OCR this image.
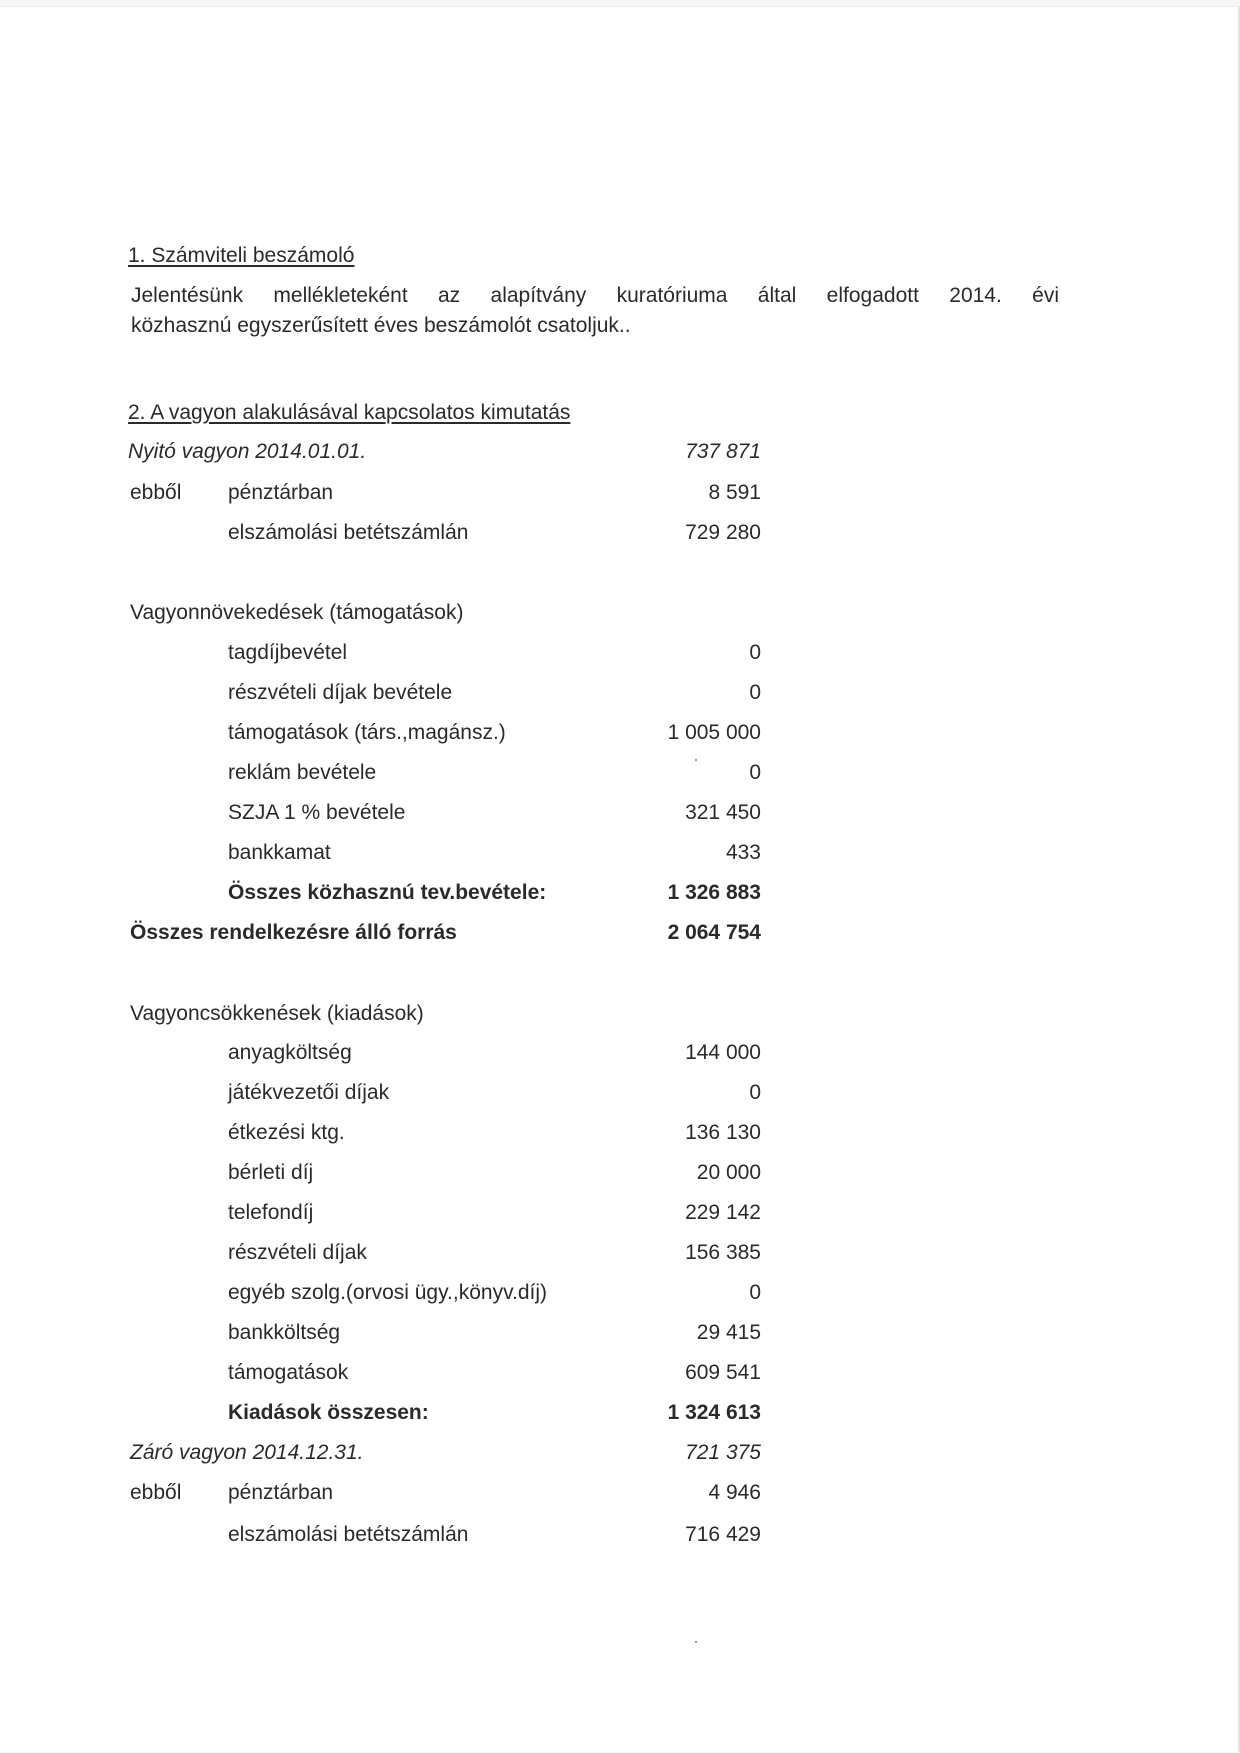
1. Számviteli beszámoló
Jelentésünk mellékleteként az alapítvány kuratóriuma által elfogadott 2014. évi
közhasznú egyszerűsített éves beszámolót csatoljuk..
2. A vagyon alakulásával kapcsolatos kimutatás
Nyitó vagyon 2014.01.01.	737 871
ebből pénztárban	8 591
elszámolási betétszámlán	729 280
Vagyonnövekedések (támogatások)
tagdíjbevétel	0
részvételi díjak bevétele	0
támogatások (társ.,magánsz.)	1 005 000
reklám bevétele	0
SZJA 1 % bevétele	321 450
bankkamat	433
Összes közhasznú tev.bevétele:	1 326 883
Összes rendelkezésre álló forrás	2 064 754
Vagyoncsökkenések (kiadások)
anyagköltség	144 000
játékvezetői díjak	0
étkezési ktg.	136 130
bérleti díj	20 000
telefondíj	229 142
részvételi díjak	156 385
egyéb szolg.(orvosi ügy.,könyv.díj)	0
bankköltség	29 415
támogatások	609 541
Kiadások összesen:	1 324 613
Záró vagyon 2014.12.31.	721 375
ebből pénztárban	4 946
elszámolási betétszámlán	716 429
